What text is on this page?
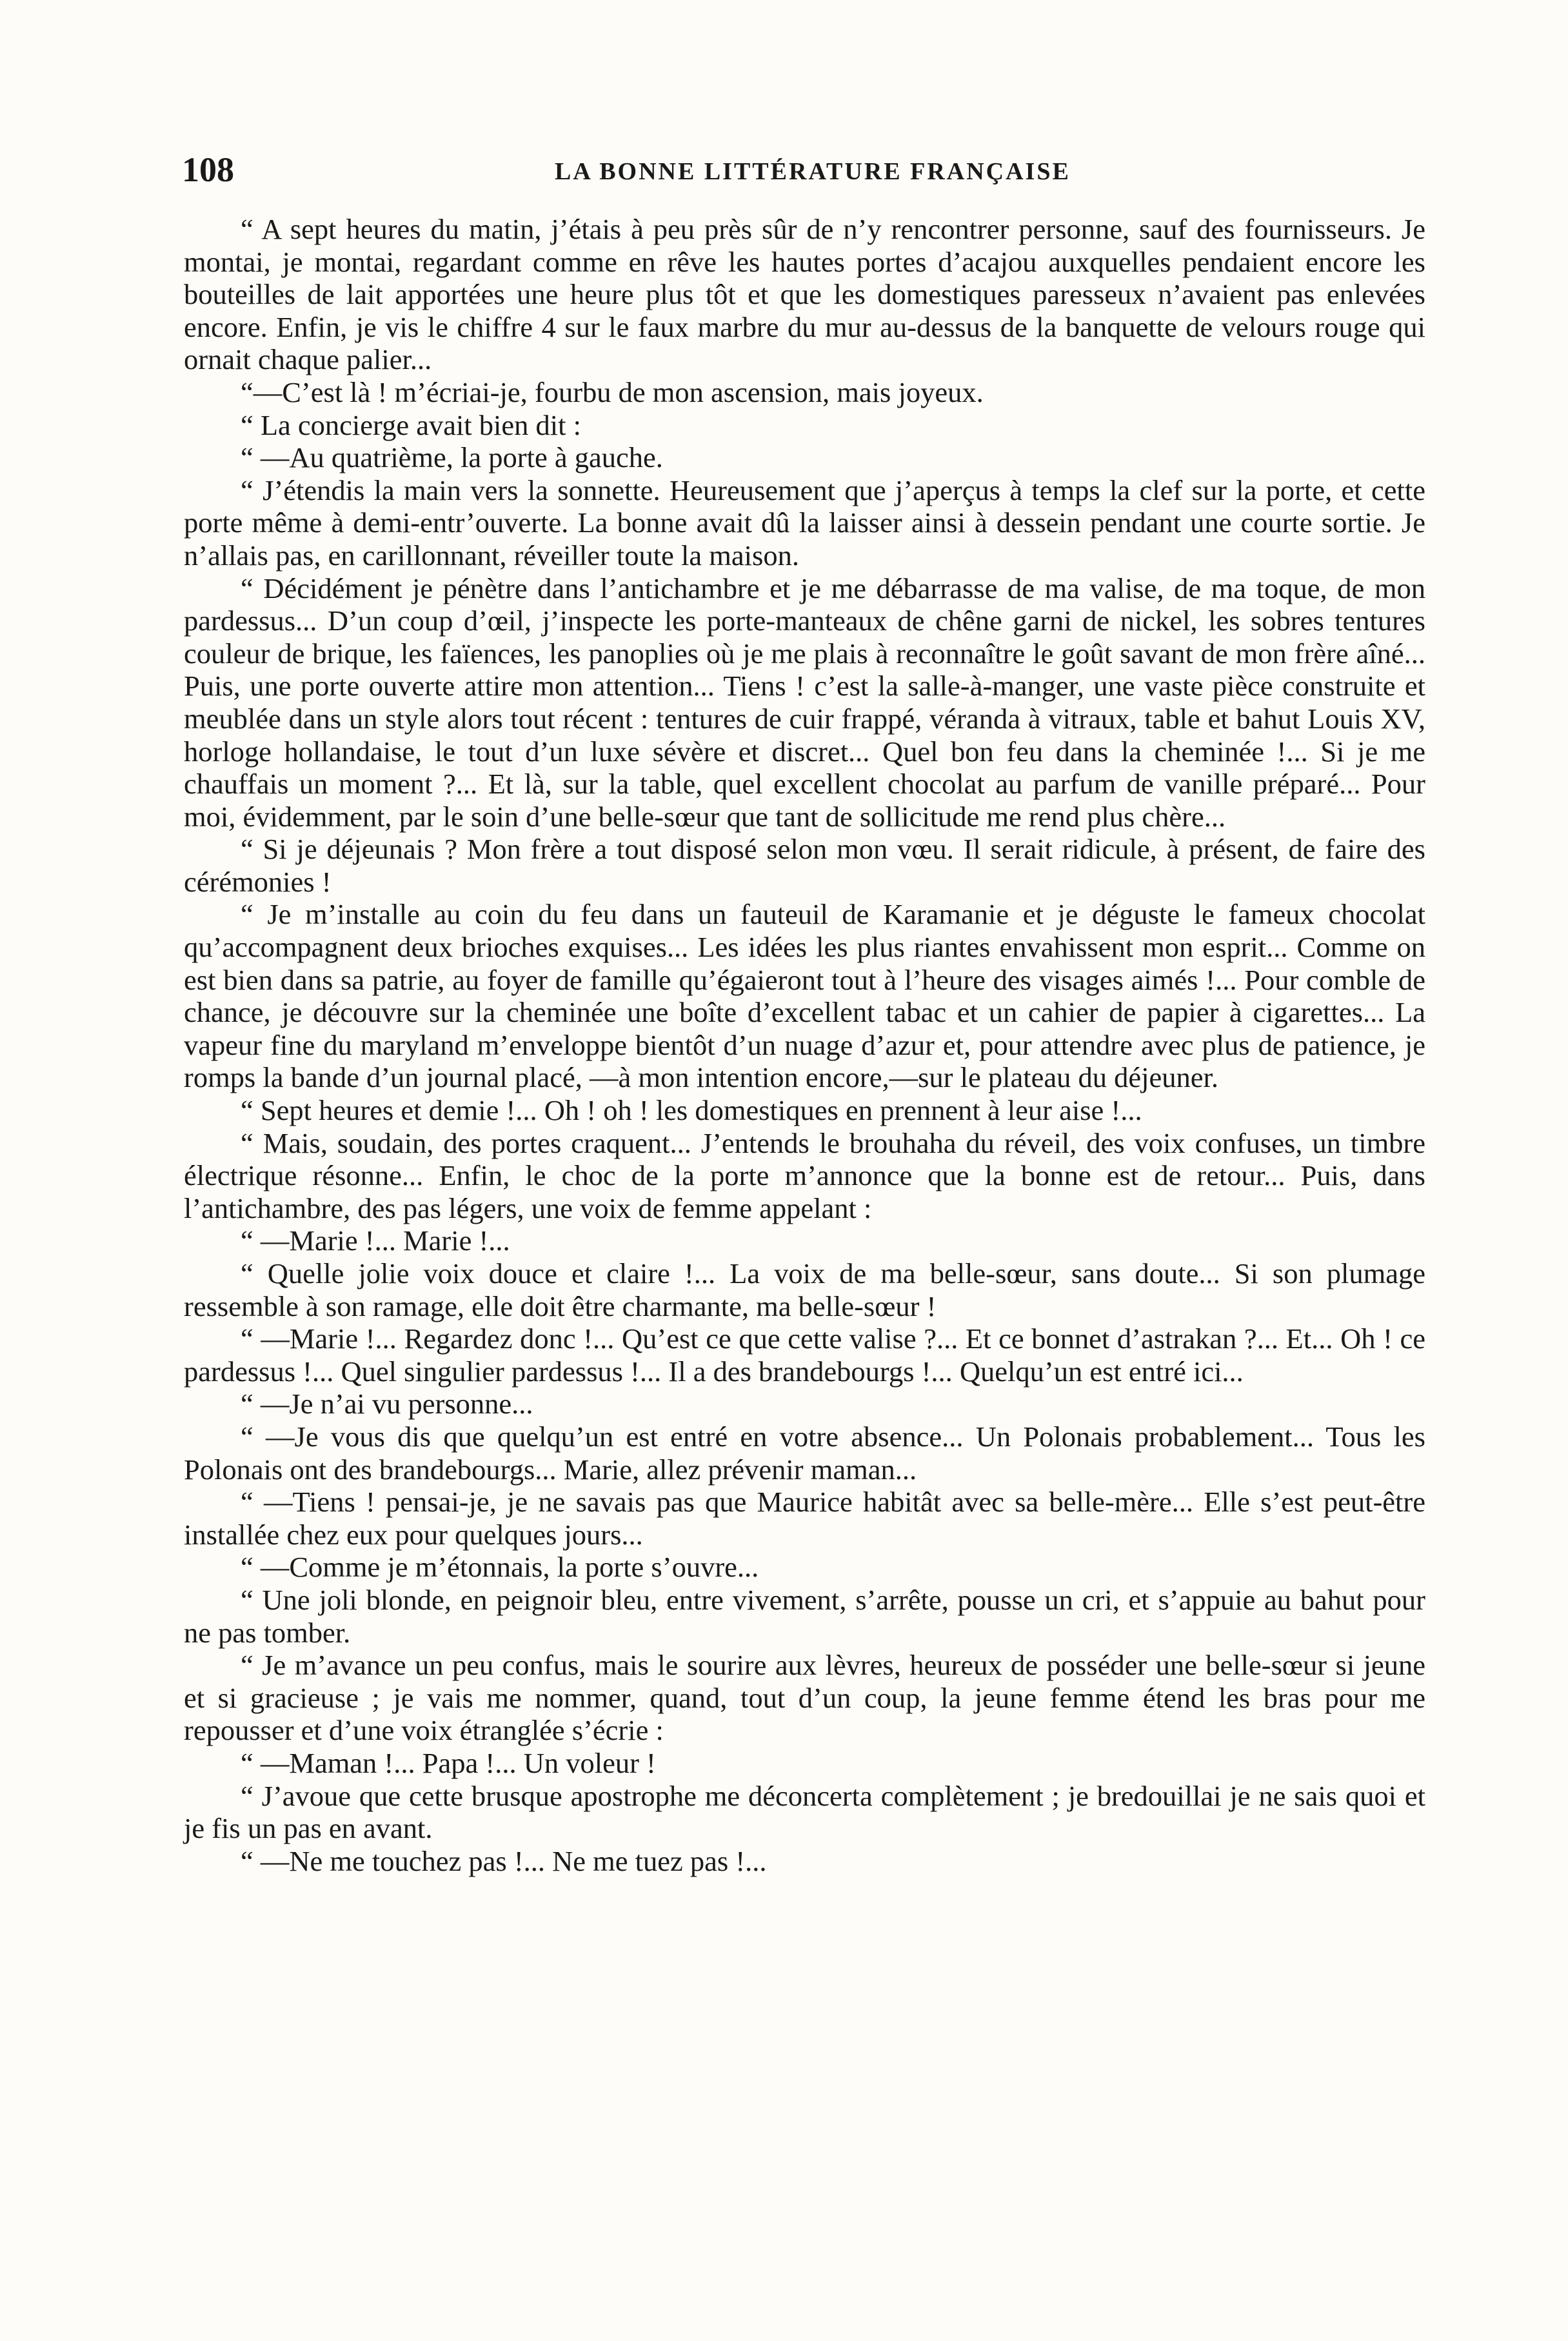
108	LA BONNE LITTÉRATURE FRANÇAISE

“ A sept heures du matin, j’étais à peu près sûr de n’y rencontrer personne, sauf des fournisseurs. Je montai, je montai, regardant comme en rêve les hautes portes d’acajou auxquelles pendaient encore les bouteilles de lait apportées une heure plus tôt et que les domestiques paresseux n’avaient pas enlevées encore. Enfin, je vis le chiffre 4 sur le faux marbre du mur au-dessus de la banquette de velours rouge qui ornait chaque palier...

“—C’est là ! m’écriai-je, fourbu de mon ascension, mais joyeux.

“ La concierge avait bien dit :

“ —Au quatrième, la porte à gauche.

“ J’étendis la main vers la sonnette. Heureusement que j’aperçus à temps la clef sur la porte, et cette porte même à demi-entr’ouverte. La bonne avait dû la laisser ainsi à dessein pendant une courte sortie. Je n’allais pas, en carillonnant, réveiller toute la maison.

“ Décidément je pénètre dans l’antichambre et je me débarrasse de ma valise, de ma toque, de mon pardessus... D’un coup d’œil, j’inspecte les porte-manteaux de chêne garni de nickel, les sobres tentures couleur de brique, les faïences, les panoplies où je me plais à reconnaître le goût savant de mon frère aîné... Puis, une porte ouverte attire mon attention... Tiens ! c’est la salle-à-manger, une vaste pièce construite et meublée dans un style alors tout récent : tentures de cuir frappé, véranda à vitraux, table et bahut Louis XV, horloge hollandaise, le tout d’un luxe sévère et discret... Quel bon feu dans la cheminée !... Si je me chauffais un moment ?... Et là, sur la table, quel excellent chocolat au parfum de vanille préparé... Pour moi, évidemment, par le soin d’une belle-sœur que tant de sollicitude me rend plus chère...

“ Si je déjeunais ? Mon frère a tout disposé selon mon vœu. Il serait ridicule, à présent, de faire des cérémonies !

“ Je m’installe au coin du feu dans un fauteuil de Karamanie et je déguste le fameux chocolat qu’accompagnent deux brioches exquises... Les idées les plus riantes envahissent mon esprit... Comme on est bien dans sa patrie, au foyer de famille qu’égaieront tout à l’heure des visages aimés !... Pour comble de chance, je découvre sur la cheminée une boîte d’excellent tabac et un cahier de papier à cigarettes... La vapeur fine du maryland m’enveloppe bientôt d’un nuage d’azur et, pour attendre avec plus de patience, je romps la bande d’un journal placé, —à mon intention encore,—sur le plateau du déjeuner.

“ Sept heures et demie !... Oh ! oh ! les domestiques en prennent à leur aise !...

“ Mais, soudain, des portes craquent... J’entends le brouhaha du réveil, des voix confuses, un timbre électrique résonne... Enfin, le choc de la porte m’annonce que la bonne est de retour... Puis, dans l’antichambre, des pas légers, une voix de femme appelant :

“ —Marie !... Marie !...

“ Quelle jolie voix douce et claire !... La voix de ma belle-sœur, sans doute... Si son plumage ressemble à son ramage, elle doit être charmante, ma belle-sœur !

“ —Marie !... Regardez donc !... Qu’est ce que cette valise ?... Et ce bonnet d’astrakan ?... Et... Oh ! ce pardessus !... Quel singulier pardessus !... Il a des brandebourgs !... Quelqu’un est entré ici...

“ —Je n’ai vu personne...

“ —Je vous dis que quelqu’un est entré en votre absence... Un Polonais probablement... Tous les Polonais ont des brandebourgs... Marie, allez prévenir maman...

“ —Tiens ! pensai-je, je ne savais pas que Maurice habitât avec sa belle-mère... Elle s’est peut-être installée chez eux pour quelques jours...

“ —Comme je m’étonnais, la porte s’ouvre...

“ Une joli blonde, en peignoir bleu, entre vivement, s’arrête, pousse un cri, et s’appuie au bahut pour ne pas tomber.

“ Je m’avance un peu confus, mais le sourire aux lèvres, heureux de posséder une belle-sœur si jeune et si gracieuse ; je vais me nommer, quand, tout d’un coup, la jeune femme étend les bras pour me repousser et d’une voix étranglée s’écrie :

“ —Maman !... Papa !... Un voleur !

“ J’avoue que cette brusque apostrophe me déconcerta complètement ; je bredouillai je ne sais quoi et je fis un pas en avant.

“ —Ne me touchez pas !... Ne me tuez pas !...
